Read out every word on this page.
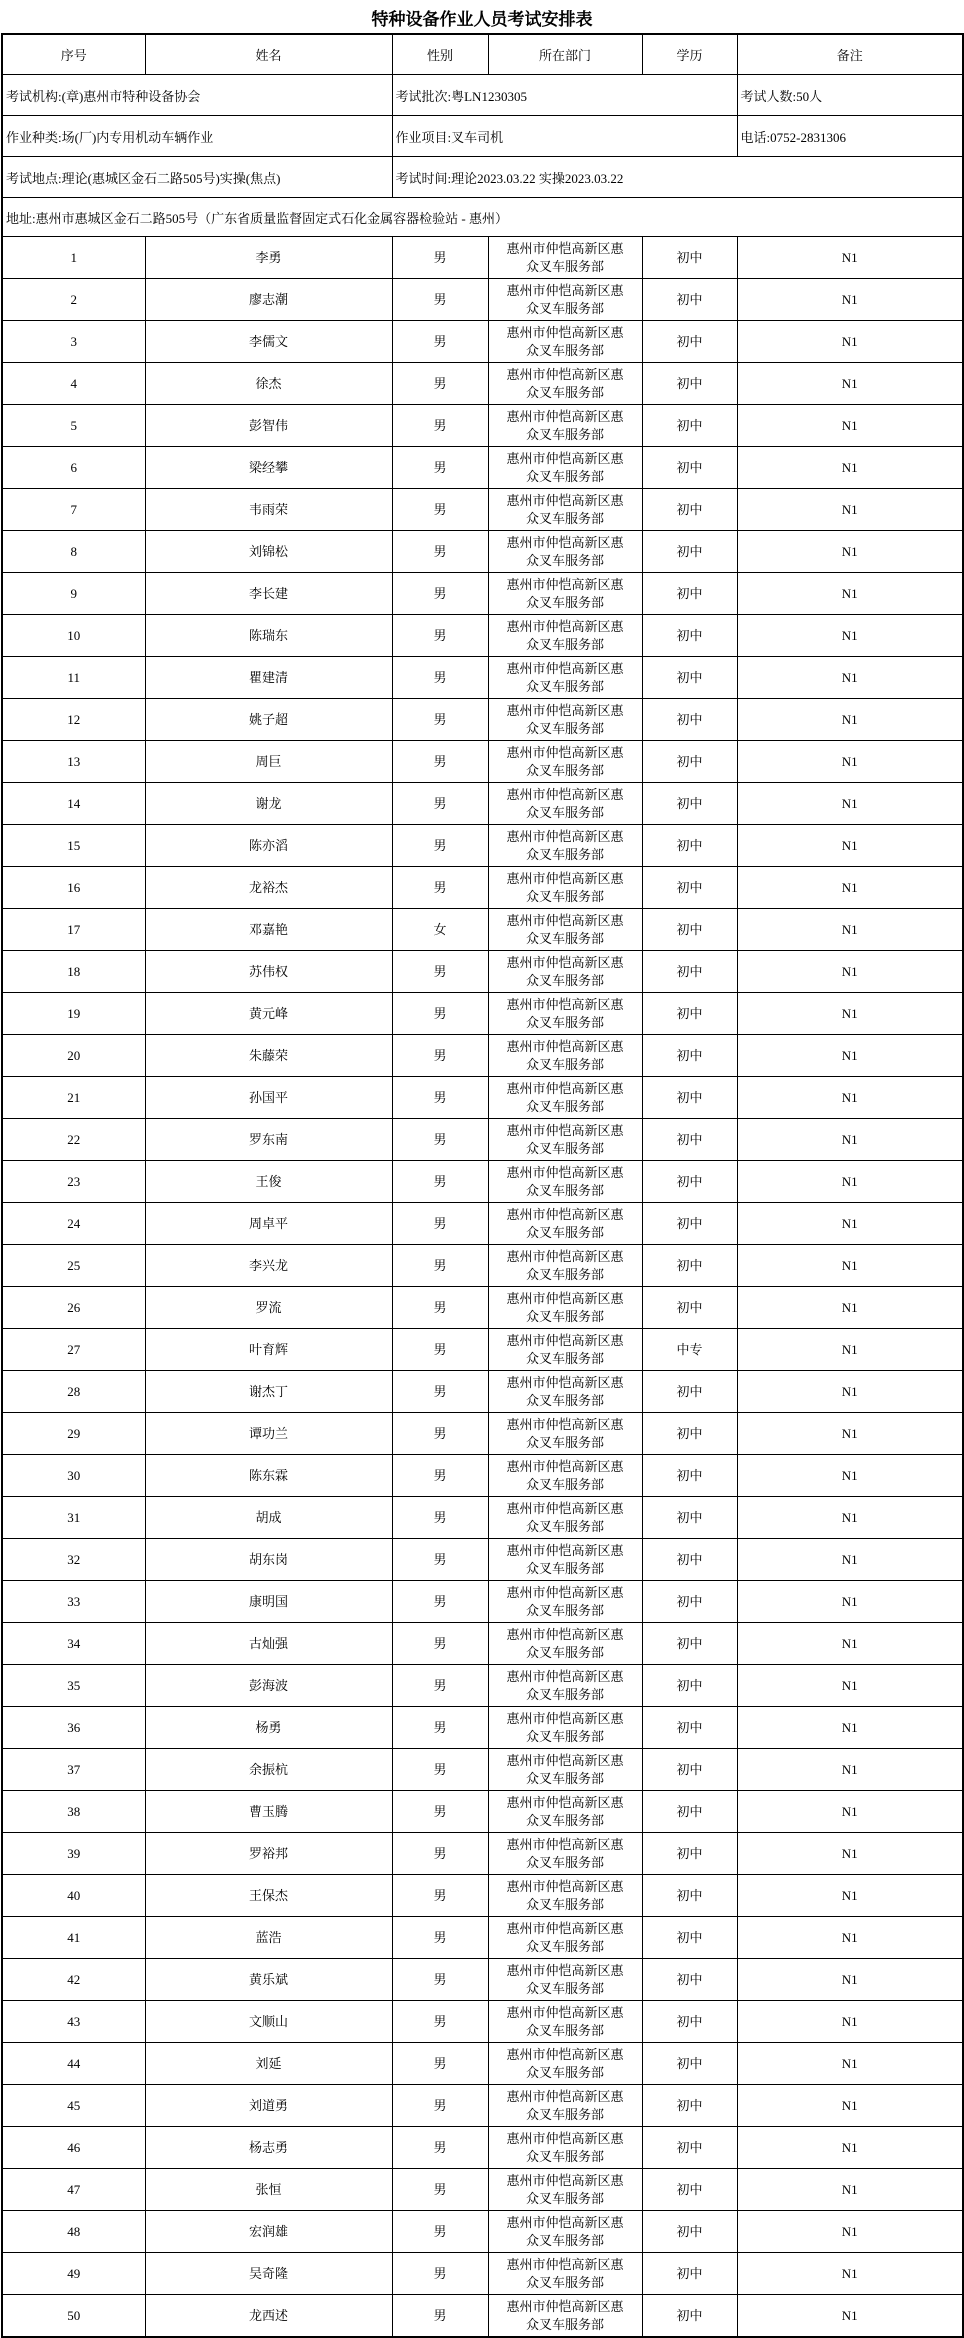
特种设备作业人员考试安排表
考试机构:(章)惠州市特种设备协会		考试批次:粤LN1230305			考试人数:50人
作业种类:场(厂)内专用机动车辆作业		作业项目:叉车司机			电话:0752-2831306
考试地点:理论(惠城区金石二路505号)实操(焦点)		考试时间:理论2023.03.22 实操2023.03.22			
地址:惠州市惠城区金石二路505号（广东省质量监督固定式石化金属容器检验站 - 惠州）					
序号	姓名	性别	所在部门	学历	备注
1	李勇	男	惠州市仲恺高新区惠众叉车服务部	初中	N1
2	廖志潮	男	惠州市仲恺高新区惠众叉车服务部	初中	N1
3	李儒文	男	惠州市仲恺高新区惠众叉车服务部	初中	N1
4	徐杰	男	惠州市仲恺高新区惠众叉车服务部	初中	N1
5	彭智伟	男	惠州市仲恺高新区惠众叉车服务部	初中	N1
6	梁经攀	男	惠州市仲恺高新区惠众叉车服务部	初中	N1
7	韦雨荣	男	惠州市仲恺高新区惠众叉车服务部	初中	N1
8	刘锦松	男	惠州市仲恺高新区惠众叉车服务部	初中	N1
9	李长建	男	惠州市仲恺高新区惠众叉车服务部	初中	N1
10	陈瑞东	男	惠州市仲恺高新区惠众叉车服务部	初中	N1
11	瞿建清	男	惠州市仲恺高新区惠众叉车服务部	初中	N1
12	姚子超	男	惠州市仲恺高新区惠众叉车服务部	初中	N1
13	周巨	男	惠州市仲恺高新区惠众叉车服务部	初中	N1
14	谢龙	男	惠州市仲恺高新区惠众叉车服务部	初中	N1
15	陈亦滔	男	惠州市仲恺高新区惠众叉车服务部	初中	N1
16	龙裕杰	男	惠州市仲恺高新区惠众叉车服务部	初中	N1
17	邓嘉艳	女	惠州市仲恺高新区惠众叉车服务部	初中	N1
18	苏伟权	男	惠州市仲恺高新区惠众叉车服务部	初中	N1
19	黄元峰	男	惠州市仲恺高新区惠众叉车服务部	初中	N1
20	朱藤荣	男	惠州市仲恺高新区惠众叉车服务部	初中	N1
21	孙国平	男	惠州市仲恺高新区惠众叉车服务部	初中	N1
22	罗东南	男	惠州市仲恺高新区惠众叉车服务部	初中	N1
23	王俊	男	惠州市仲恺高新区惠众叉车服务部	初中	N1
24	周卓平	男	惠州市仲恺高新区惠众叉车服务部	初中	N1
25	李兴龙	男	惠州市仲恺高新区惠众叉车服务部	初中	N1
26	罗流	男	惠州市仲恺高新区惠众叉车服务部	初中	N1
27	叶育辉	男	惠州市仲恺高新区惠众叉车服务部	中专	N1
28	谢杰丁	男	惠州市仲恺高新区惠众叉车服务部	初中	N1
29	谭功兰	男	惠州市仲恺高新区惠众叉车服务部	初中	N1
30	陈东霖	男	惠州市仲恺高新区惠众叉车服务部	初中	N1
31	胡成	男	惠州市仲恺高新区惠众叉车服务部	初中	N1
32	胡东岗	男	惠州市仲恺高新区惠众叉车服务部	初中	N1
33	康明国	男	惠州市仲恺高新区惠众叉车服务部	初中	N1
34	古灿强	男	惠州市仲恺高新区惠众叉车服务部	初中	N1
35	彭海波	男	惠州市仲恺高新区惠众叉车服务部	初中	N1
36	杨勇	男	惠州市仲恺高新区惠众叉车服务部	初中	N1
37	余振杭	男	惠州市仲恺高新区惠众叉车服务部	初中	N1
38	曹玉腾	男	惠州市仲恺高新区惠众叉车服务部	初中	N1
39	罗裕邦	男	惠州市仲恺高新区惠众叉车服务部	初中	N1
40	王保杰	男	惠州市仲恺高新区惠众叉车服务部	初中	N1
41	蓝浩	男	惠州市仲恺高新区惠众叉车服务部	初中	N1
42	黄乐斌	男	惠州市仲恺高新区惠众叉车服务部	初中	N1
43	文顺山	男	惠州市仲恺高新区惠众叉车服务部	初中	N1
44	刘延	男	惠州市仲恺高新区惠众叉车服务部	初中	N1
45	刘道勇	男	惠州市仲恺高新区惠众叉车服务部	初中	N1
46	杨志勇	男	惠州市仲恺高新区惠众叉车服务部	初中	N1
47	张恒	男	惠州市仲恺高新区惠众叉车服务部	初中	N1
48	宏润雄	男	惠州市仲恺高新区惠众叉车服务部	初中	N1
49	吴奇隆	男	惠州市仲恺高新区惠众叉车服务部	初中	N1
50	龙西述	男	惠州市仲恺高新区惠众叉车服务部	初中	N1
